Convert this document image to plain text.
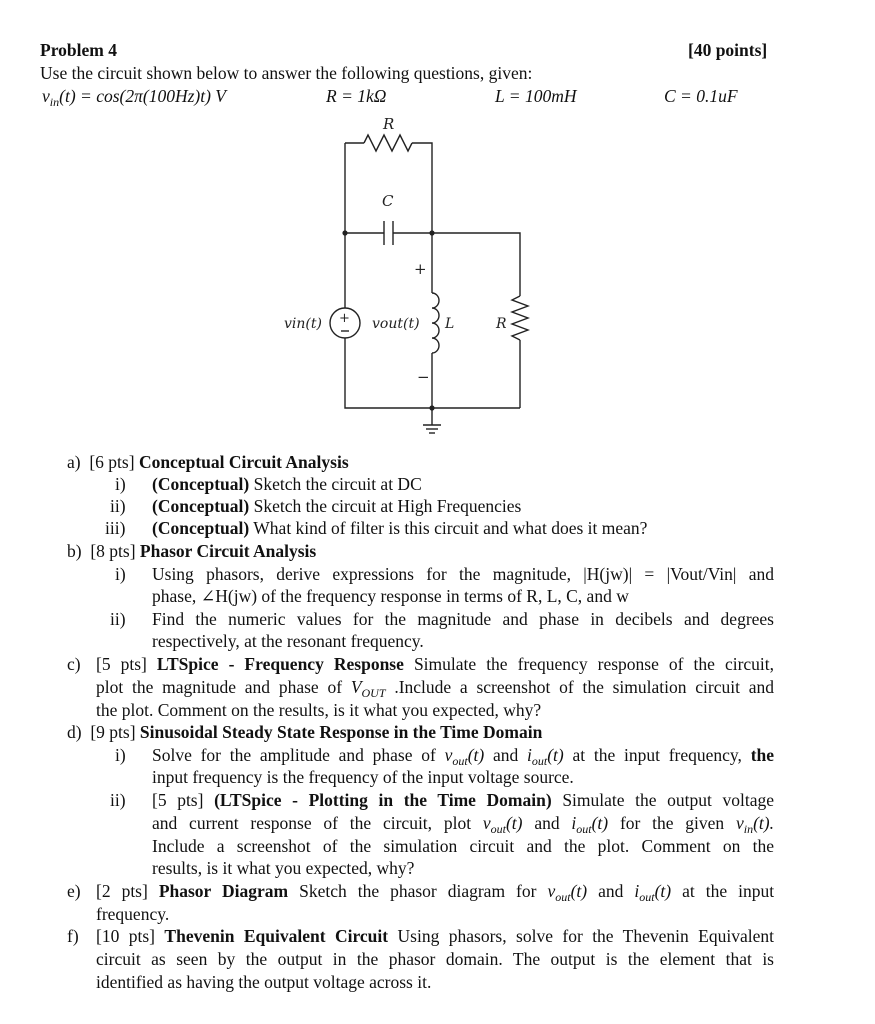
Problem 4	[40 points]
Use the circuit shown below to answer the following questions, given:
$v_{in}(t) = \cos(2\pi(100Hz)t)$ V	R = 1kΩ	L = 100mH	C = 0.1uF
R
C
+
−
vin(t)	vout(t) L	R
+
a) [6 pts] Conceptual Circuit Analysis
i) (Conceptual) Sketch the circuit at DC
ii) (Conceptual) Sketch the circuit at High Frequencies
iii) (Conceptual) What kind of filter is this circuit and what does it mean?
b) [8 pts] Phasor Circuit Analysis
i) Using phasors, derive expressions for the magnitude, |H(jw)| = |Vout/Vin| and
phase, ∠H(jw) of the frequency response in terms of R, L, C, and w
ii) Find the numeric values for the magnitude and phase in decibels and degrees
respectively, at the resonant frequency.
c) [5 pts] LTSpice - Frequency Response Simulate the frequency response of the circuit,
plot the magnitude and phase of $V_{OUT}$ .Include a screenshot of the simulation circuit and
the plot. Comment on the results, is it what you expected, why?
d) [9 pts] Sinusoidal Steady State Response in the Time Domain
i) Solve for the amplitude and phase of $v_{out}(t)$ and $i_{out}(t)$ at the input frequency, the
input frequency is the frequency of the input voltage source.
ii) [5 pts] (LTSpice - Plotting in the Time Domain) Simulate the output voltage
and current response of the circuit, plot $v_{out}(t)$ and $i_{out}(t)$ for the given $v_{in}(t)$.
Include a screenshot of the simulation circuit and the plot. Comment on the
results, is it what you expected, why?
e) [2 pts] Phasor Diagram Sketch the phasor diagram for $v_{out}(t)$ and $i_{out}(t)$ at the input
frequency.
f) [10 pts] Thevenin Equivalent Circuit Using phasors, solve for the Thevenin Equivalent
circuit as seen by the output in the phasor domain. The output is the element that is
identified as having the output voltage across it.
